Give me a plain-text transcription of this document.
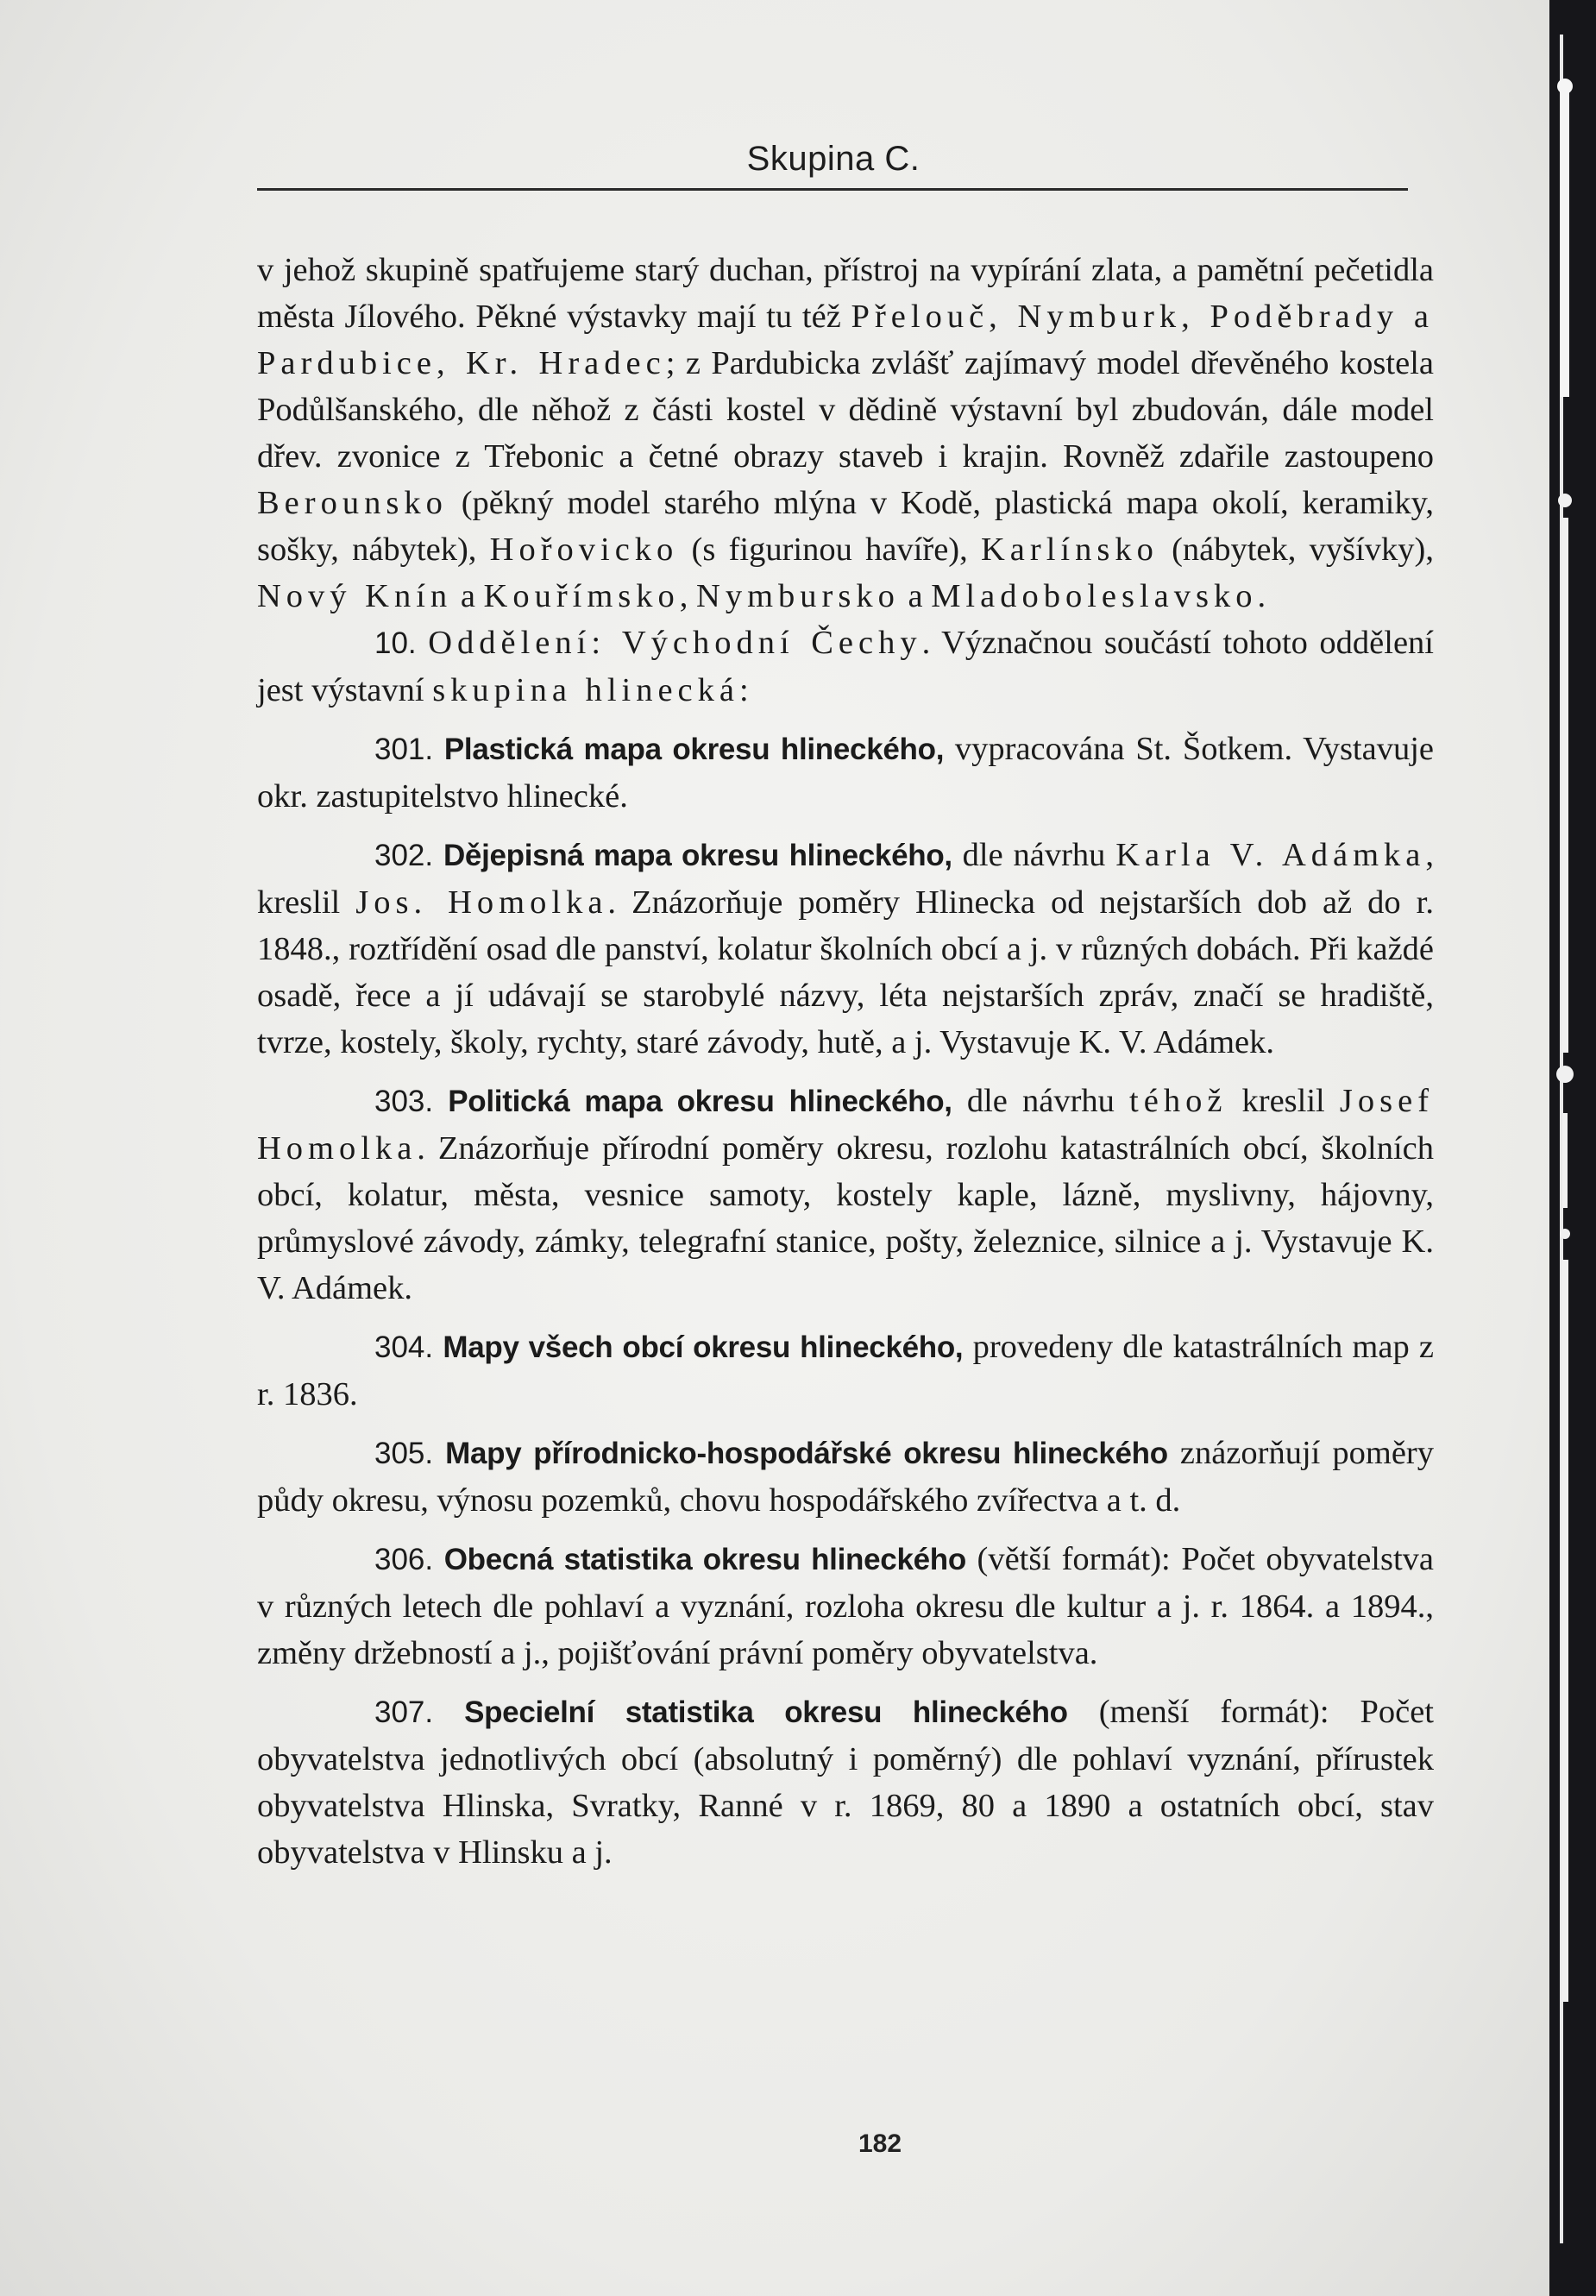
Skupina C.

v jehož skupině spatřujeme starý duchan, přístroj na vypírání zlata, a pamětní pečetidla města Jílového. Pěkné výstavky mají tu též Přelouč, Nymburk, Poděbrady a Pardubice, Kr. Hradec; z Pardubicka zvlášť zajímavý model dřevěného kostela Podůlšanského, dle něhož z části kostel v dědině výstavní byl zbudován, dále model dřev. zvonice z Třebonic a četné obrazy staveb i krajin. Rovněž zdařile zastoupeno Berounsko (pěkný model starého mlýna v Kodě, plastická mapa okolí, keramiky, sošky, nábytek), Hořovicko (s figurinou havíře), Karlínsko (nábytek, vyšívky), Nový Knín a Kouřímsko, Nymbursko a Mladoboleslavsko.

10. Oddělení: Východní Čechy. Význačnou součástí tohoto oddělení jest výstavní skupina hlinecká:

301. Plastická mapa okresu hlineckého, vypracována St. Šotkem. Vystavuje okr. zastupitelstvo hlinecké.

302. Dějepisná mapa okresu hlineckého, dle návrhu Karla V. Adámka, kreslil Jos. Homolka. Znázorňuje poměry Hlinecka od nejstarších dob až do r. 1848., roztřídění osad dle panství, kolatur školních obcí a j. v různých dobách. Při každé osadě, řece a jí udávají se starobylé názvy, léta nejstarších zpráv, značí se hradiště, tvrze, kostely, školy, rychty, staré závody, hutě, a j. Vystavuje K. V. Adámek.

303. Politická mapa okresu hlineckého, dle návrhu téhož kreslil Josef Homolka. Znázorňuje přírodní poměry okresu, rozlohu katastrálních obcí, školních obcí, kolatur, města, vesnice samoty, kostely kaple, lázně, myslivny, hájovny, průmyslové závody, zámky, telegrafní stanice, pošty, železnice, silnice a j. Vystavuje K. V. Adámek.

304. Mapy všech obcí okresu hlineckého, provedeny dle katastrálních map z r. 1836.

305. Mapy přírodnicko-hospodářské okresu hlineckého znázorňují poměry půdy okresu, výnosu pozemků, chovu hospodářského zvířectva a t. d.

306. Obecná statistika okresu hlineckého (větší formát): Počet obyvatelstva v různých letech dle pohlaví a vyznání, rozloha okresu dle kultur a j. r. 1864. a 1894., změny držebností a j., pojišťování právní poměry obyvatelstva.

307. Specielní statistika okresu hlineckého (menší formát): Počet obyvatelstva jednotlivých obcí (absolutný i poměrný) dle pohlaví vyznání, přírustek obyvatelstva Hlinska, Svratky, Ranné v r. 1869, 80 a 1890 a ostatních obcí, stav obyvatelstva v Hlinsku a j.

182
